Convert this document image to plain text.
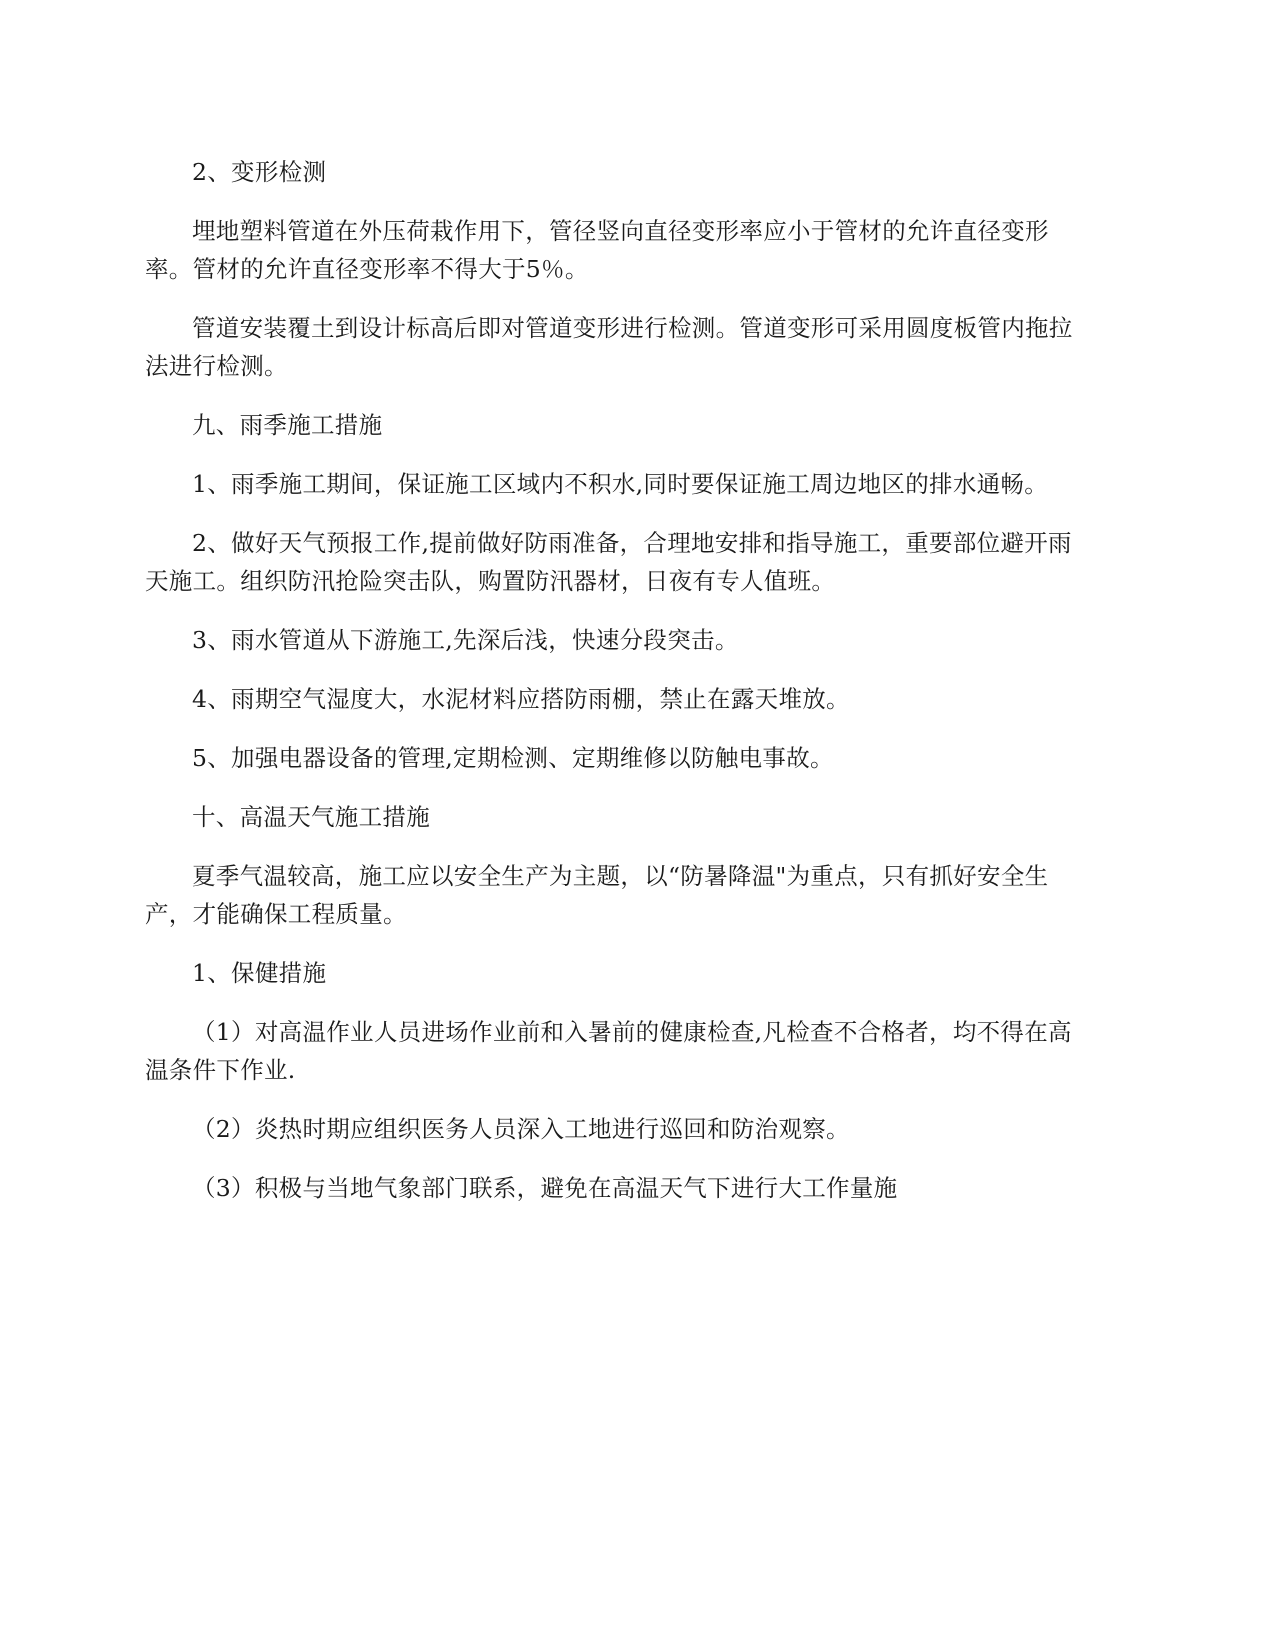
2、变形检测

埋地塑料管道在外压荷栽作用下，管径竖向直径变形率应小于管材的允许直径变形率。管材的允许直径变形率不得大于5％。

管道安装覆土到设计标高后即对管道变形进行检测。管道变形可采用圆度板管内拖拉法进行检测。

九、雨季施工措施

1、雨季施工期间，保证施工区域内不积水,同时要保证施工周边地区的排水通畅。

2、做好天气预报工作,提前做好防雨准备，合理地安排和指导施工，重要部位避开雨天施工。组织防汛抢险突击队，购置防汛器材，日夜有专人值班。

3、雨水管道从下游施工,先深后浅，快速分段突击。

4、雨期空气湿度大，水泥材料应搭防雨棚，禁止在露天堆放。

5、加强电器设备的管理,定期检测、定期维修以防触电事故。

十、高温天气施工措施

夏季气温较高，施工应以安全生产为主题，以“防暑降温"为重点，只有抓好安全生产，才能确保工程质量。

1、保健措施

（1）对高温作业人员进场作业前和入暑前的健康检查,凡检查不合格者，均不得在高温条件下作业.

（2）炎热时期应组织医务人员深入工地进行巡回和防治观察。

（3）积极与当地气象部门联系，避免在高温天气下进行大工作量施
